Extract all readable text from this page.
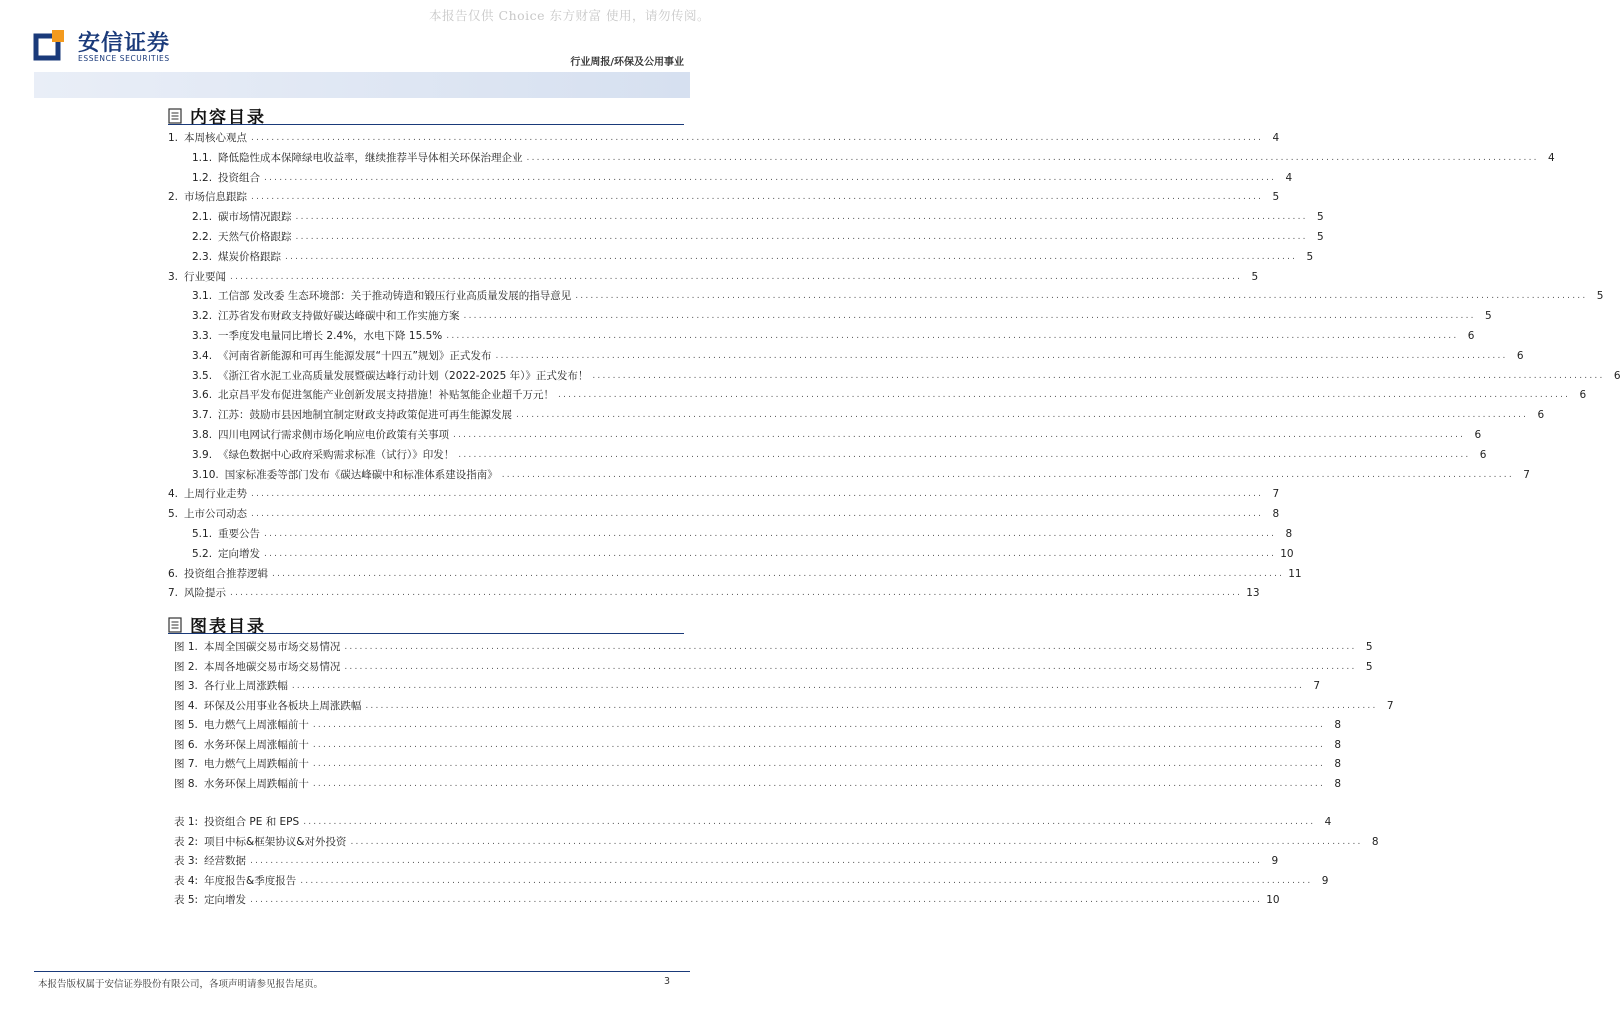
本报告仅供 Choice 东方财富 使用，请勿传阅。
安信证券
ESSENCE SECURITIES	行业周报/环保及公用事业
内容目录
1. 本周核心观点 ........................................................................................................................................................................................................ 4
1.1. 降低隐性成本保障绿电收益率，继续推荐半导体相关环保治理企业 ........................................................................................................................................................................................................ 4
1.2. 投资组合 ........................................................................................................................................................................................................ 4
2. 市场信息跟踪 ........................................................................................................................................................................................................ 5
2.1. 碳市场情况跟踪 ........................................................................................................................................................................................................ 5
2.2. 天然气价格跟踪 ........................................................................................................................................................................................................ 5
2.3. 煤炭价格跟踪 ........................................................................................................................................................................................................ 5
3. 行业要闻 ........................................................................................................................................................................................................ 5
3.1. 工信部 发改委 生态环境部：关于推动铸造和锻压行业高质量发展的指导意见 ........................................................................................................................................................................................................ 5
3.2. 江苏省发布财政支持做好碳达峰碳中和工作实施方案 ........................................................................................................................................................................................................ 5
3.3. 一季度发电量同比增长 2.4%，水电下降 15.5% ........................................................................................................................................................................................................ 6
3.4. 《河南省新能源和可再生能源发展“十四五”规划》正式发布 ........................................................................................................................................................................................................ 6
3.5. 《浙江省水泥工业高质量发展暨碳达峰行动计划（2022-2025 年）》正式发布！ ........................................................................................................................................................................................................ 6
3.6. 北京昌平发布促进氢能产业创新发展支持措施！补贴氢能企业超千万元！ ........................................................................................................................................................................................................ 6
3.7. 江苏：鼓励市县因地制宜制定财政支持政策促进可再生能源发展 ........................................................................................................................................................................................................ 6
3.8. 四川电网试行需求侧市场化响应电价政策有关事项 ........................................................................................................................................................................................................ 6
3.9. 《绿色数据中心政府采购需求标准（试行）》印发！ ........................................................................................................................................................................................................ 6
3.10. 国家标准委等部门发布《碳达峰碳中和标准体系建设指南》 ........................................................................................................................................................................................................ 7
4. 上周行业走势 ........................................................................................................................................................................................................ 7
5. 上市公司动态 ........................................................................................................................................................................................................ 8
5.1. 重要公告 ........................................................................................................................................................................................................ 8
5.2. 定向增发 ........................................................................................................................................................................................................ 10
6. 投资组合推荐逻辑 ........................................................................................................................................................................................................ 11
7. 风险提示 ........................................................................................................................................................................................................ 13
图表目录
图 1. 本周全国碳交易市场交易情况 ........................................................................................................................................................................................................ 5
图 2. 本周各地碳交易市场交易情况 ........................................................................................................................................................................................................ 5
图 3. 各行业上周涨跌幅 ........................................................................................................................................................................................................ 7
图 4. 环保及公用事业各板块上周涨跌幅 ........................................................................................................................................................................................................ 7
图 5. 电力燃气上周涨幅前十 ........................................................................................................................................................................................................ 8
图 6. 水务环保上周涨幅前十 ........................................................................................................................................................................................................ 8
图 7. 电力燃气上周跌幅前十 ........................................................................................................................................................................................................ 8
图 8. 水务环保上周跌幅前十 ........................................................................................................................................................................................................ 8
表 1: 投资组合 PE 和 EPS ........................................................................................................................................................................................................ 4
表 2: 项目中标&框架协议&对外投资 ........................................................................................................................................................................................................ 8
表 3: 经营数据 ........................................................................................................................................................................................................ 9
表 4: 年度报告&季度报告 ........................................................................................................................................................................................................ 9
表 5: 定向增发 ........................................................................................................................................................................................................ 10
本报告版权属于安信证券股份有限公司，各项声明请参见报告尾页。	3
